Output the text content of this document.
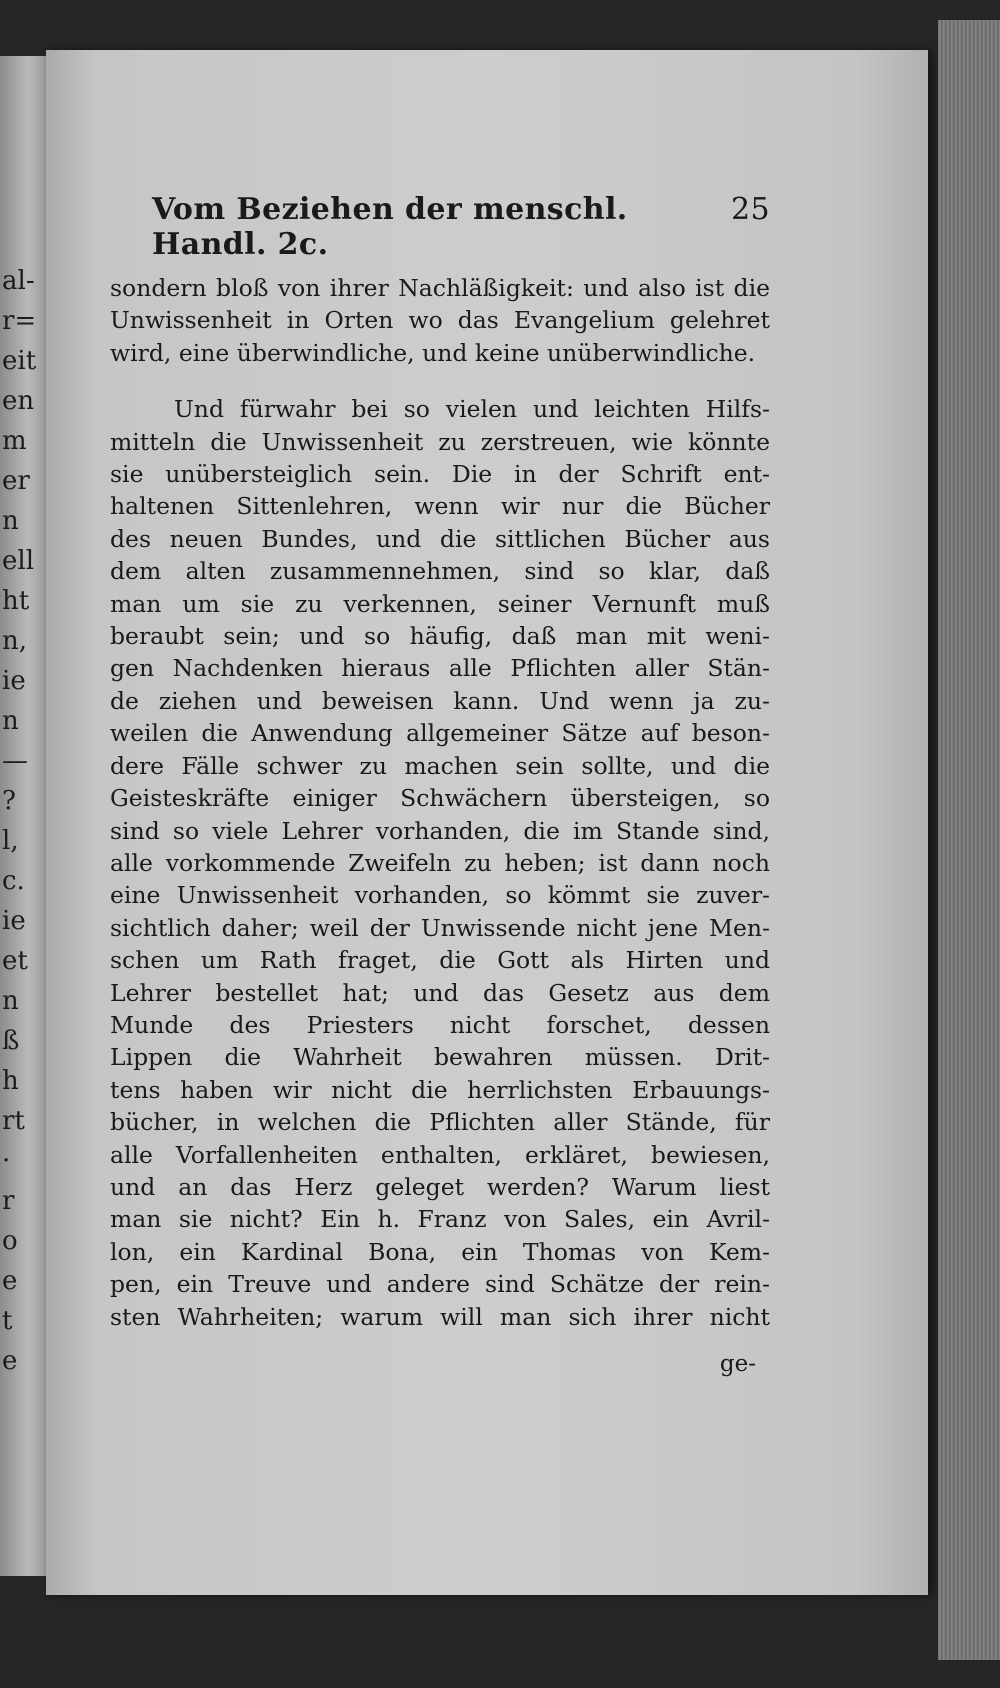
al-
r=
eit
en
m
er
n
ell
ht
n,
ie
n
—
?
l,
c.
ie
et
n
ß
h
rt
·
r
o
e
t
e
Vom Beziehen der menschl. Handl. 2c.
25

sondern bloß von ihrer Nachläßigkeit: und also ist die
Unwissenheit in Orten wo das Evangelium gelehret
wird, eine überwindliche, und keine unüberwindliche.

Und fürwahr bei so vielen und leichten Hilfs-
mitteln die Unwissenheit zu zerstreuen, wie könnte
sie unübersteiglich sein. Die in der Schrift ent-
haltenen Sittenlehren, wenn wir nur die Bücher
des neuen Bundes, und die sittlichen Bücher aus
dem alten zusammennehmen, sind so klar, daß
man um sie zu verkennen, seiner Vernunft muß
beraubt sein; und so häufig, daß man mit weni-
gen Nachdenken hieraus alle Pflichten aller Stän-
de ziehen und beweisen kann. Und wenn ja zu-
weilen die Anwendung allgemeiner Sätze auf beson-
dere Fälle schwer zu machen sein sollte, und die
Geisteskräfte einiger Schwächern übersteigen, so
sind so viele Lehrer vorhanden, die im Stande sind,
alle vorkommende Zweifeln zu heben; ist dann noch
eine Unwissenheit vorhanden, so kömmt sie zuver-
sichtlich daher; weil der Unwissende nicht jene Men-
schen um Rath fraget, die Gott als Hirten und
Lehrer bestellet hat; und das Gesetz aus dem
Munde des Priesters nicht forschet, dessen
Lippen die Wahrheit bewahren müssen. Drit-
tens haben wir nicht die herrlichsten Erbauungs-
bücher, in welchen die Pflichten aller Stände, für
alle Vorfallenheiten enthalten, erkläret, bewiesen,
und an das Herz geleget werden? Warum liest
man sie nicht? Ein h. Franz von Sales, ein Avril-
lon, ein Kardinal Bona, ein Thomas von Kem-
pen, ein Treuve und andere sind Schätze der rein-
sten Wahrheiten; warum will man sich ihrer nicht

ge-
